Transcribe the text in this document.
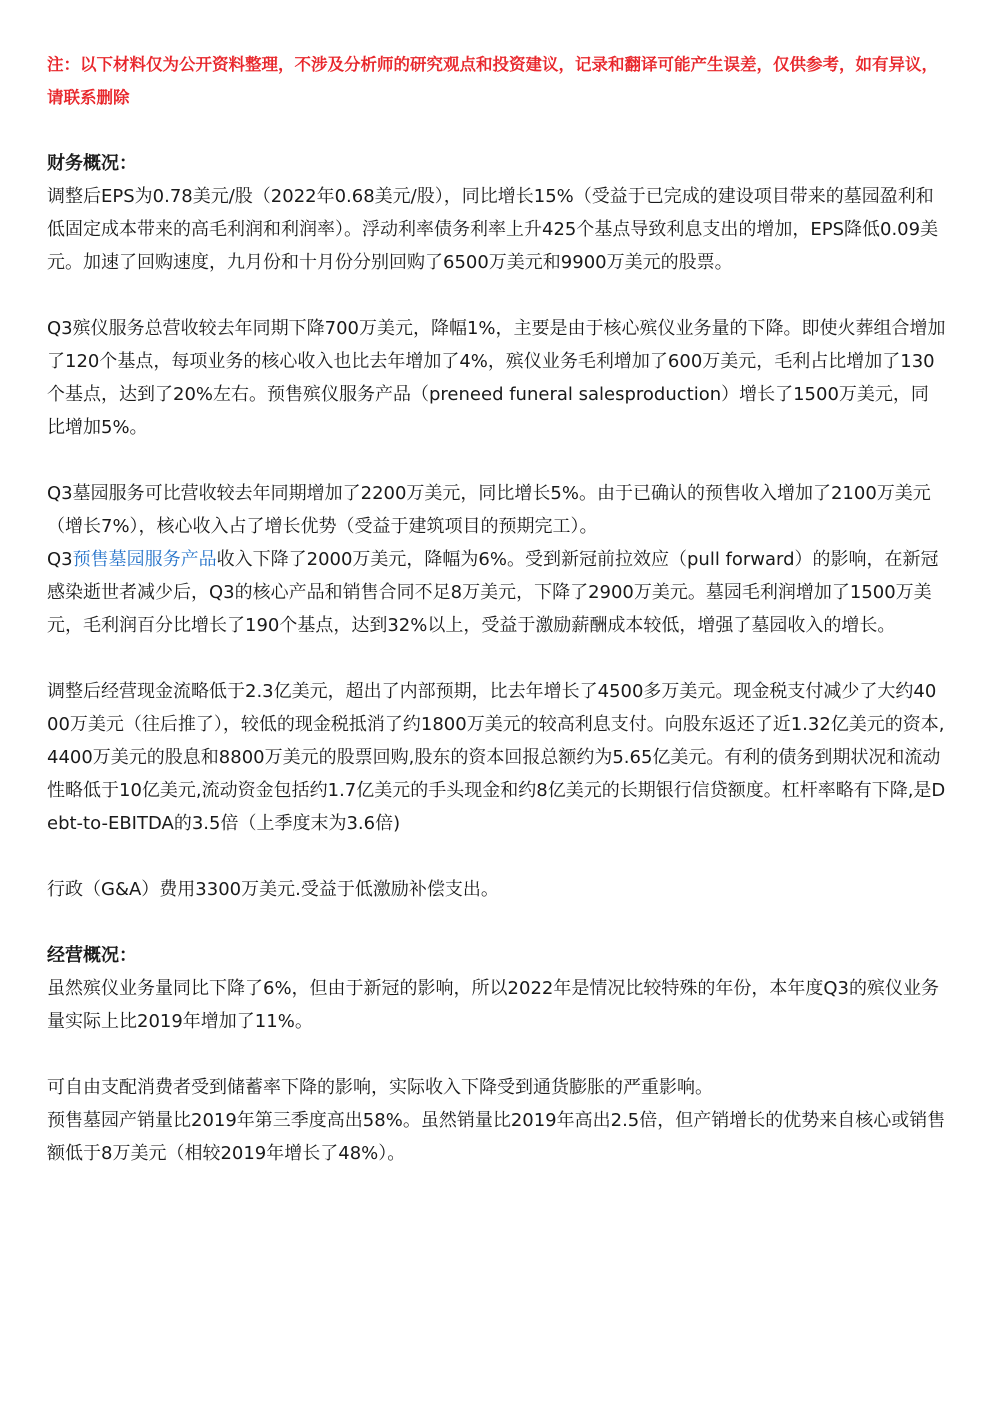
注：以下材料仅为公开资料整理，不涉及分析师的研究观点和投资建议，记录和翻译可能产生误差，仅供参考，如有异议，请联系删除

财务概况：

调整后EPS为0.78美元/股（2022年0.68美元/股），同比增长15%（受益于已完成的建设项目带来的墓园盈利和低固定成本带来的高毛利润和利润率）。浮动利率债务利率上升425个基点导致利息支出的增加，EPS降低0.09美元。加速了回购速度，九月份和十月份分别回购了6500万美元和9900万美元的股票。

Q3殡仪服务总营收较去年同期下降700万美元，降幅1%，主要是由于核心殡仪业务量的下降。即使火葬组合增加了120个基点，每项业务的核心收入也比去年增加了4%，殡仪业务毛利增加了600万美元，毛利占比增加了130个基点，达到了20%左右。预售殡仪服务产品（preneed funeral salesproduction）增长了1500万美元，同比增加5%。

Q3墓园服务可比营收较去年同期增加了2200万美元，同比增长5%。由于已确认的预售收入增加了2100万美元（增长7%），核心收入占了增长优势（受益于建筑项目的预期完工）。

Q3预售墓园服务产品收入下降了2000万美元，降幅为6%。受到新冠前拉效应（pull forward）的影响，在新冠感染逝世者减少后，Q3的核心产品和销售合同不足8万美元，下降了2900万美元。墓园毛利润增加了1500万美元，毛利润百分比增长了190个基点，达到32%以上，受益于激励薪酬成本较低，增强了墓园收入的增长。

调整后经营现金流略低于2.3亿美元，超出了内部预期，比去年增长了4500多万美元。现金税支付减少了大约4000万美元（往后推了），较低的现金税抵消了约1800万美元的较高利息支付。向股东返还了近1.32亿美元的资本,4400万美元的股息和8800万美元的股票回购,股东的资本回报总额约为5.65亿美元。有利的债务到期状况和流动性略低于10亿美元,流动资金包括约1.7亿美元的手头现金和约8亿美元的长期银行信贷额度。杠杆率略有下降,是Debt-to-EBITDA的3.5倍（上季度末为3.6倍)

行政（G&A）费用3300万美元.受益于低激励补偿支出。

经营概况：

虽然殡仪业务量同比下降了6%，但由于新冠的影响，所以2022年是情况比较特殊的年份，本年度Q3的殡仪业务量实际上比2019年增加了11%。

可自由支配消费者受到储蓄率下降的影响，实际收入下降受到通货膨胀的严重影响。

预售墓园产销量比2019年第三季度高出58%。虽然销量比2019年高出2.5倍，但产销增长的优势来自核心或销售额低于8万美元（相较2019年增长了48%）。
